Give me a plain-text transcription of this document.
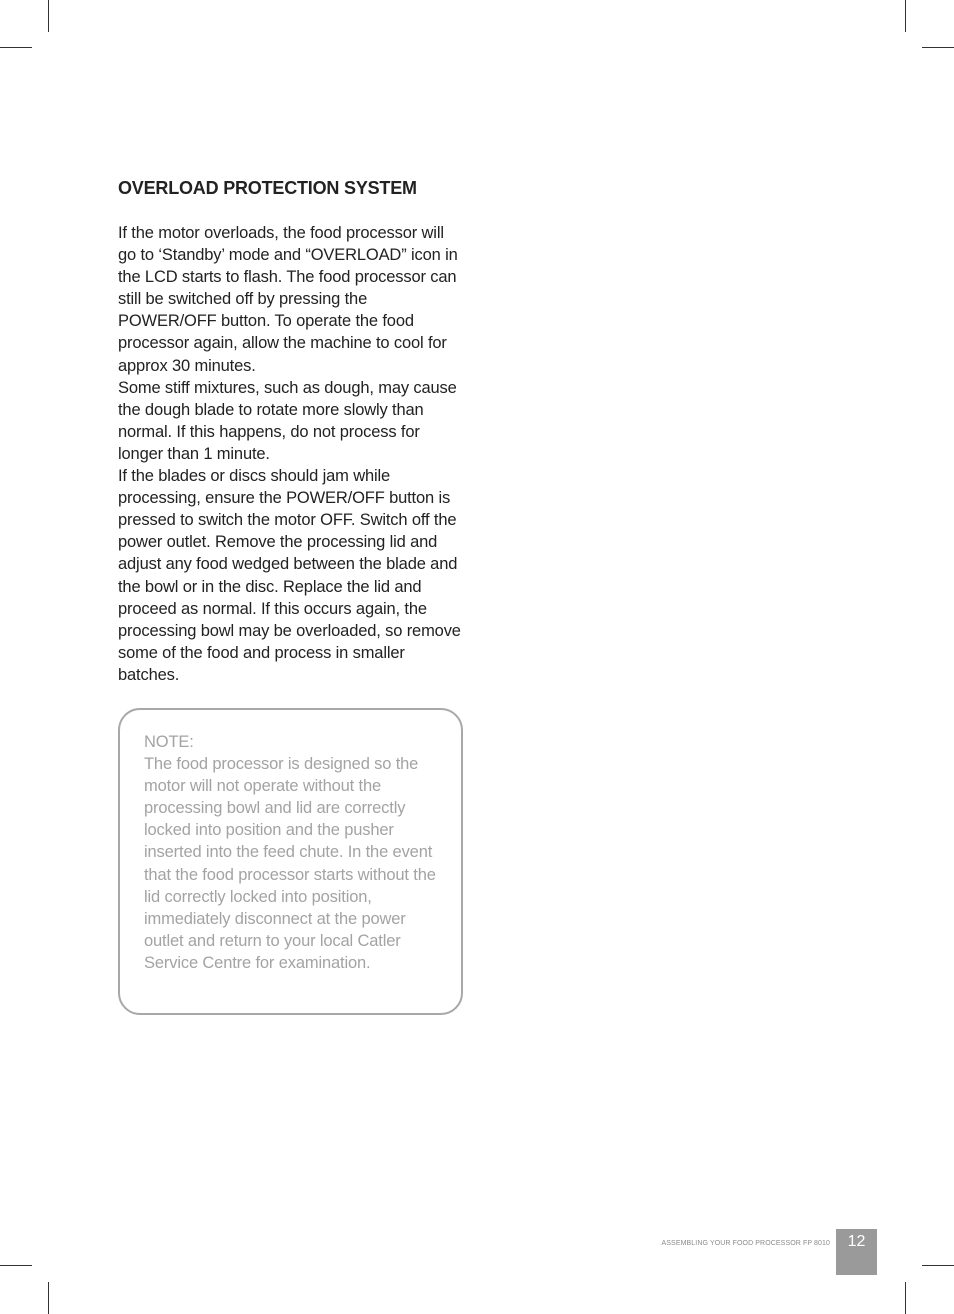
OVERLOAD PROTECTION SYSTEM

If the motor overloads, the food processor will go to ‘Standby’ mode and “OVERLOAD” icon in the LCD starts to flash. The food processor can still be switched off by pressing the POWER/OFF button. To operate the food processor again, allow the machine to cool for approx 30 minutes.

Some stiff mixtures, such as dough, may cause the dough blade to rotate more slowly than normal. If this happens, do not process for longer than 1 minute.

If the blades or discs should jam while processing, ensure the POWER/OFF button is pressed to switch the motor OFF. Switch off the power outlet. Remove the processing lid and adjust any food wedged between the blade and the bowl or in the disc. Replace the lid and proceed as normal. If this occurs again, the processing bowl may be overloaded, so remove some of the food and process in smaller batches.

NOTE:

The food processor is designed so the motor will not operate without the processing bowl and lid are correctly locked into position and the pusher inserted into the feed chute. In the event that the food processor starts without the lid correctly locked into position, immediately disconnect at the power outlet and return to your local Catler Service Centre for examination.

ASSEMBLING YOUR FOOD PROCESSOR FP 8010	12
